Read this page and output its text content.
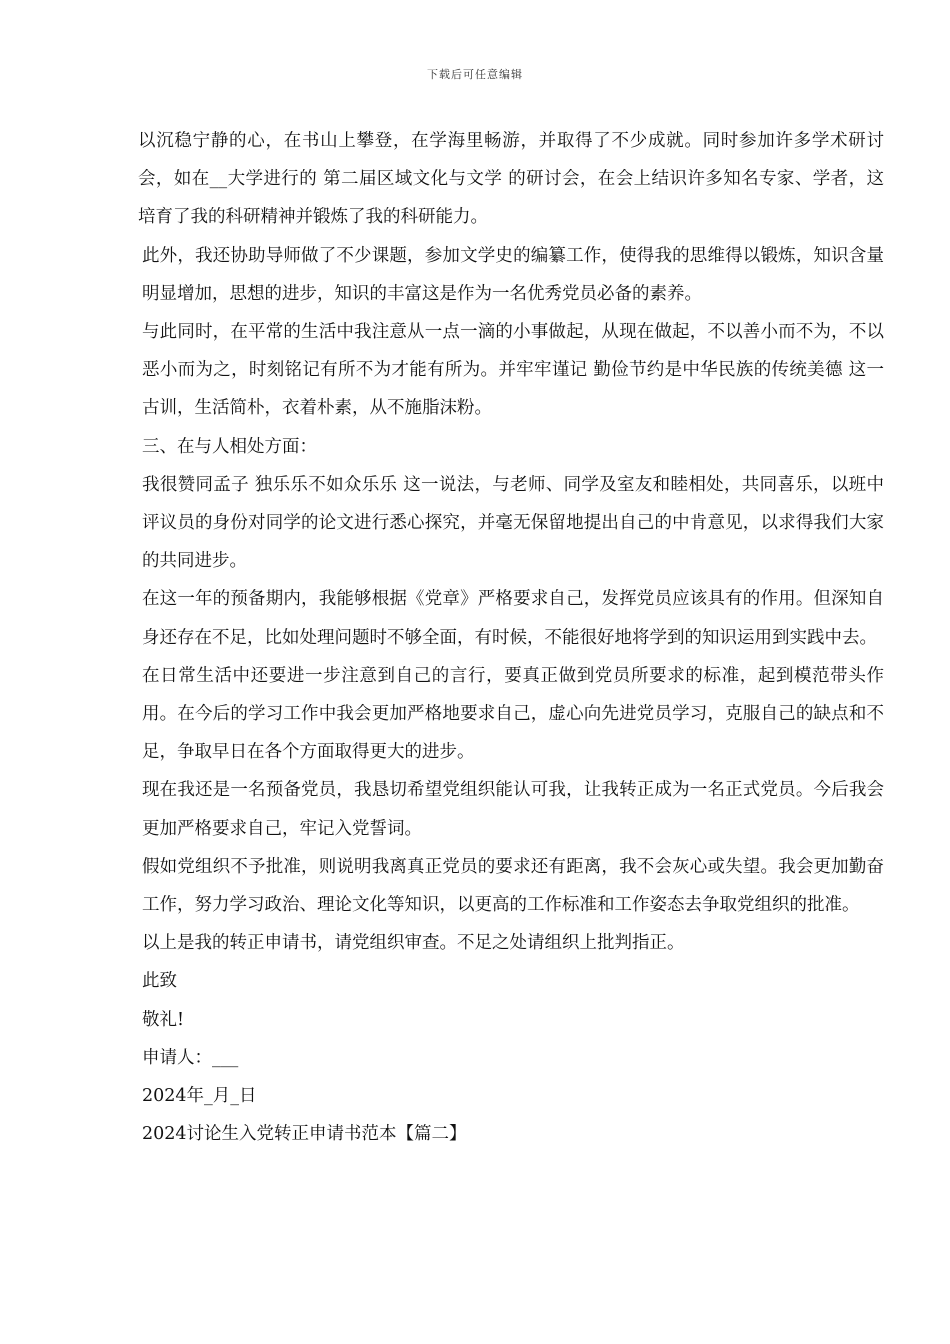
下载后可任意编辑

以沉稳宁静的心，在书山上攀登，在学海里畅游，并取得了不少成就。同时参加许多学术研讨会，如在__大学进行的 第二届区域文化与文学 的研讨会，在会上结识许多知名专家、学者，这培育了我的科研精神并锻炼了我的科研能力。

此外，我还协助导师做了不少课题，参加文学史的编纂工作，使得我的思维得以锻炼，知识含量明显增加，思想的进步，知识的丰富这是作为一名优秀党员必备的素养。

与此同时，在平常的生活中我注意从一点一滴的小事做起，从现在做起，不以善小而不为，不以恶小而为之，时刻铭记有所不为才能有所为。并牢牢谨记 勤俭节约是中华民族的传统美德 这一古训，生活简朴，衣着朴素，从不施脂沫粉。

三、在与人相处方面：

我很赞同孟子 独乐乐不如众乐乐 这一说法，与老师、同学及室友和睦相处，共同喜乐，以班中评议员的身份对同学的论文进行悉心探究，并毫无保留地提出自己的中肯意见，以求得我们大家的共同进步。

在这一年的预备期内，我能够根据《党章》严格要求自己，发挥党员应该具有的作用。但深知自身还存在不足，比如处理问题时不够全面，有时候，不能很好地将学到的知识运用到实践中去。

在日常生活中还要进一步注意到自己的言行，要真正做到党员所要求的标准，起到模范带头作用。在今后的学习工作中我会更加严格地要求自己，虚心向先进党员学习，克服自己的缺点和不足，争取早日在各个方面取得更大的进步。

现在我还是一名预备党员，我恳切希望党组织能认可我，让我转正成为一名正式党员。今后我会更加严格要求自己，牢记入党誓词。

假如党组织不予批准，则说明我离真正党员的要求还有距离，我不会灰心或失望。我会更加勤奋工作，努力学习政治、理论文化等知识，以更高的工作标准和工作姿态去争取党组织的批准。

以上是我的转正申请书，请党组织审查。不足之处请组织上批判指正。

此致

敬礼!

申请人：___

2024年_月_日

2024讨论生入党转正申请书范本【篇二】
